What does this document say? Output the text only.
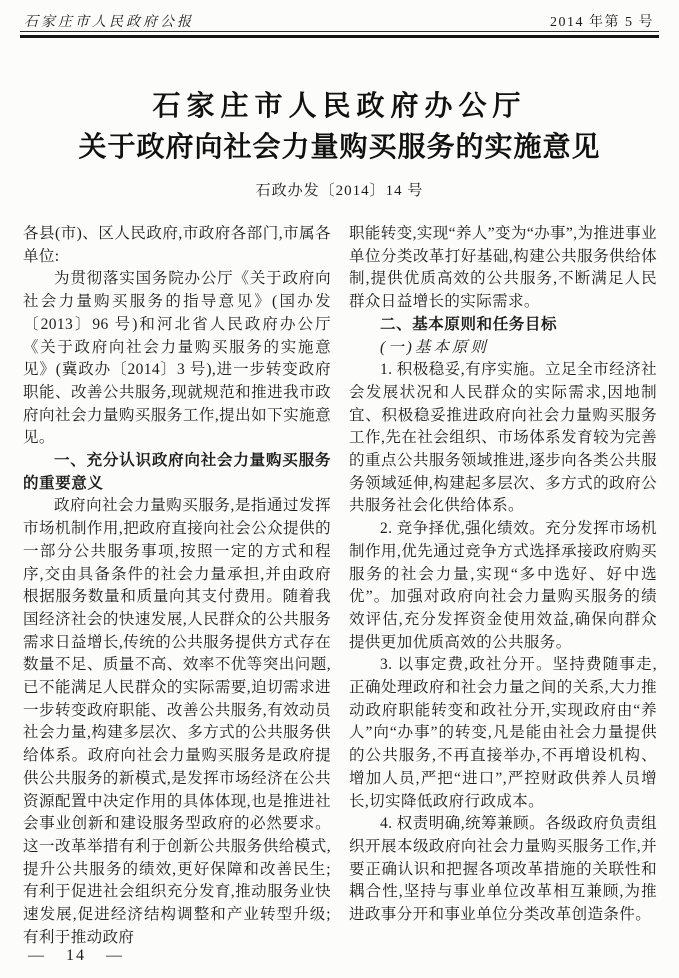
石家庄市人民政府公报	2014 年第 5 号
石家庄市人民政府办公厅
关于政府向社会力量购买服务的实施意见
石政办发〔2014〕14 号

各县(市)、区人民政府,市政府各部门,市属各单位:

为贯彻落实国务院办公厅《关于政府向社会力量购买服务的指导意见》(国办发〔2013〕96 号)和河北省人民政府办公厅《关于政府向社会力量购买服务的实施意见》(冀政办〔2014〕3 号),进一步转变政府职能、改善公共服务,现就规范和推进我市政府向社会力量购买服务工作,提出如下实施意见。

一、充分认识政府向社会力量购买服务的重要意义

政府向社会力量购买服务,是指通过发挥市场机制作用,把政府直接向社会公众提供的一部分公共服务事项,按照一定的方式和程序,交由具备条件的社会力量承担,并由政府根据服务数量和质量向其支付费用。随着我国经济社会的快速发展,人民群众的公共服务需求日益增长,传统的公共服务提供方式存在数量不足、质量不高、效率不优等突出问题,已不能满足人民群众的实际需要,迫切需求进一步转变政府职能、改善公共服务,有效动员社会力量,构建多层次、多方式的公共服务供给体系。政府向社会力量购买服务是政府提供公共服务的新模式,是发挥市场经济在公共资源配置中决定作用的具体体现,也是推进社会事业创新和建设服务型政府的必然要求。这一改革举措有利于创新公共服务供给模式,提升公共服务的绩效,更好保障和改善民生;有利于促进社会组织充分发育,推动服务业快速发展,促进经济结构调整和产业转型升级;有利于推动政府

职能转变,实现“养人”变为“办事”,为推进事业单位分类改革打好基础,构建公共服务供给体制,提供优质高效的公共服务,不断满足人民群众日益增长的实际需求。

二、基本原则和任务目标

(一)基本原则

1. 积极稳妥,有序实施。立足全市经济社会发展状况和人民群众的实际需求,因地制宜、积极稳妥推进政府向社会力量购买服务工作,先在社会组织、市场体系发育较为完善的重点公共服务领域推进,逐步向各类公共服务领域延伸,构建起多层次、多方式的政府公共服务社会化供给体系。

2. 竞争择优,强化绩效。充分发挥市场机制作用,优先通过竞争方式选择承接政府购买服务的社会力量,实现“多中选好、好中选优”。加强对政府向社会力量购买服务的绩效评估,充分发挥资金使用效益,确保向群众提供更加优质高效的公共服务。

3. 以事定费,政社分开。坚持费随事走,正确处理政府和社会力量之间的关系,大力推动政府职能转变和政社分开,实现政府由“养人”向“办事”的转变,凡是能由社会力量提供的公共服务,不再直接举办,不再增设机构、增加人员,严把“进口”,严控财政供养人员增长,切实降低政府行政成本。

4. 权责明确,统筹兼顾。各级政府负责组织开展本级政府向社会力量购买服务工作,并要正确认识和把握各项改革措施的关联性和耦合性,坚持与事业单位改革相互兼顾,为推进政事分开和事业单位分类改革创造条件。

— 14 —
